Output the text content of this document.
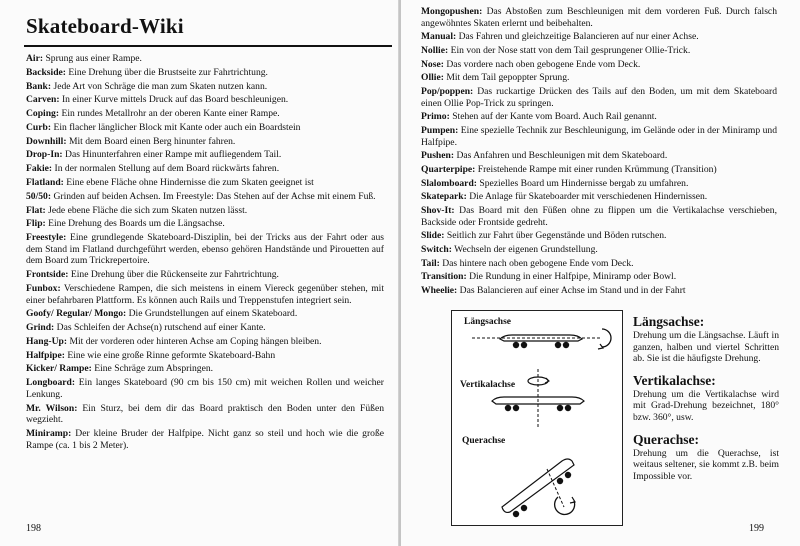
Skateboard-Wiki

Air: Sprung aus einer Rampe.

Backside: Eine Drehung über die Brustseite zur Fahrtrichtung.

Bank: Jede Art von Schräge die man zum Skaten nutzen kann.

Carven: In einer Kurve mittels Druck auf das Board beschleunigen.

Coping: Ein rundes Metallrohr an der oberen Kante einer Rampe.

Curb: Ein flacher länglicher Block mit Kante oder auch ein Boardstein

Downhill: Mit dem Board einen Berg hinunter fahren.

Drop-In: Das Hinunterfahren einer Rampe mit aufliegendem Tail.

Fakie: In der normalen Stellung auf dem Board rückwärts fahren.

Flatland: Eine ebene Fläche ohne Hindernisse die zum Skaten geeignet ist

50/50: Grinden auf beiden Achsen. Im Freestyle: Das Stehen auf der Achse mit einem Fuß.

Flat: Jede ebene Fläche die sich zum Skaten nutzen lässt.

Flip: Eine Drehung des Boards um die Längsachse.

Freestyle: Eine grundlegende Skateboard-Disziplin, bei der Tricks aus der Fahrt oder aus dem Stand im Flatland durchgeführt werden, ebenso gehören Handstände und Pirouetten auf dem Board zum Trickrepertoire.

Frontside: Eine Drehung über die Rückenseite zur Fahrtrichtung.

Funbox: Verschiedene Rampen, die sich meistens in einem Viereck gegenüber stehen, mit einer befahrbaren Plattform. Es können auch Rails und Treppenstufen integriert sein.

Goofy/ Regular/ Mongo: Die Grundstellungen auf einem Skateboard.

Grind: Das Schleifen der Achse(n) rutschend auf einer Kante.

Hang-Up: Mit der vorderen oder hinteren Achse am Coping hängen bleiben.

Halfpipe: Eine wie eine große Rinne geformte Skateboard-Bahn

Kicker/ Rampe: Eine Schräge zum Abspringen.

Longboard: Ein langes Skateboard (90 cm bis 150 cm) mit weichen Rollen und weicher Lenkung.

Mr. Wilson: Ein Sturz, bei dem dir das Board praktisch den Boden unter den Füßen wegzieht.

Miniramp: Der kleine Bruder der Halfpipe. Nicht ganz so steil und hoch wie die große Rampe (ca. 1 bis 2 Meter).

198

Mongopushen: Das Abstoßen zum Beschleunigen mit dem vorderen Fuß. Durch falsch angewöhntes Skaten erlernt und beibehalten.

Manual: Das Fahren und gleichzeitige Balancieren auf nur einer Achse.

Nollie: Ein von der Nose statt von dem Tail gesprungener Ollie-Trick.

Nose: Das vordere nach oben gebogene Ende vom Deck.

Ollie: Mit dem Tail gepoppter Sprung.

Pop/poppen: Das ruckartige Drücken des Tails auf den Boden, um mit dem Skateboard einen Ollie Pop-Trick zu springen.

Primo: Stehen auf der Kante vom Board. Auch Rail genannt.

Pumpen: Eine spezielle Technik zur Beschleunigung, im Gelände oder in der Miniramp und Halfpipe.

Pushen: Das Anfahren und Beschleunigen mit dem Skateboard.

Quarterpipe: Freistehende Rampe mit einer runden Krümmung (Transition)

Slalomboard: Spezielles Board um Hindernisse bergab zu umfahren.

Skatepark: Die Anlage für Skateboarder mit verschiedenen Hindernissen.

Shov-It: Das Board mit den Füßen ohne zu flippen um die Vertikalachse verschieben, Backside oder Frontside gedreht.

Slide: Seitlich zur Fahrt über Gegenstände und Böden rutschen.

Switch: Wechseln der eigenen Grundstellung.

Tail: Das hintere nach oben gebogene Ende vom Deck.

Transition: Die Rundung in einer Halfpipe, Miniramp oder Bowl.

Wheelie: Das Balancieren auf einer Achse im Stand und in der Fahrt

Längsachse
Vertikalachse
Querachse
Längsachse:
Drehung um die Längsachse. Läuft in ganzen, halben und viertel Schritten ab. Sie ist die häufigste Drehung.
Vertikalachse:
Drehung um die Vertikalachse wird mit Grad-Drehung bezeichnet, 180° bzw. 360°, usw.
Querachse:
Drehung um die Querachse, ist weitaus seltener, sie kommt z.B. beim Impossible vor.
199
